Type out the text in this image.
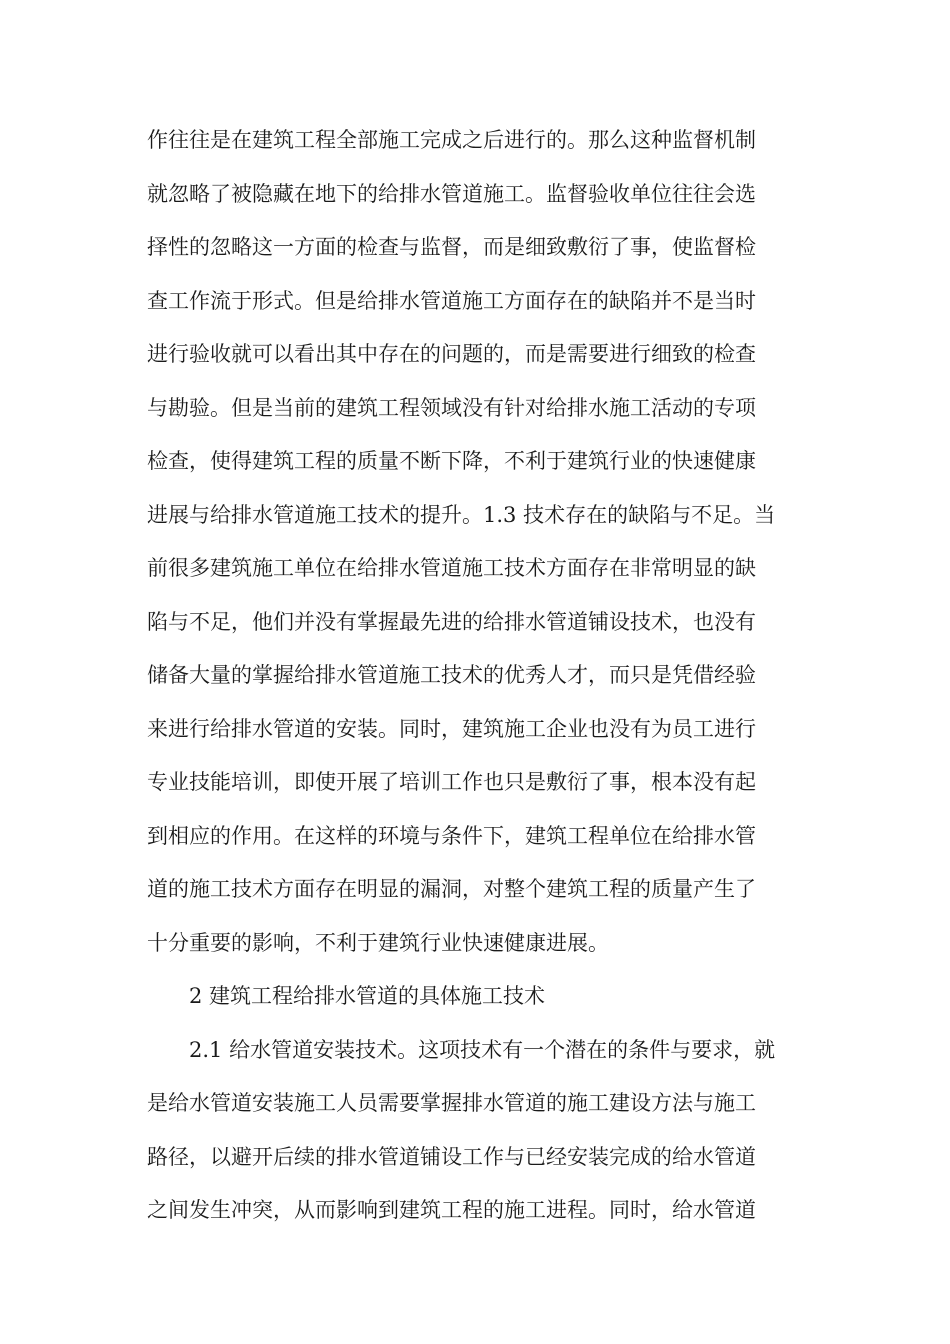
作往往是在建筑工程全部施工完成之后进行的。那么这种监督机制
就忽略了被隐藏在地下的给排水管道施工。监督验收单位往往会选
择性的忽略这一方面的检查与监督，而是细致敷衍了事，使监督检
查工作流于形式。但是给排水管道施工方面存在的缺陷并不是当时
进行验收就可以看出其中存在的问题的，而是需要进行细致的检查
与勘验。但是当前的建筑工程领域没有针对给排水施工活动的专项
检查，使得建筑工程的质量不断下降，不利于建筑行业的快速健康
进展与给排水管道施工技术的提升。1.3 技术存在的缺陷与不足。当
前很多建筑施工单位在给排水管道施工技术方面存在非常明显的缺
陷与不足，他们并没有掌握最先进的给排水管道铺设技术，也没有
储备大量的掌握给排水管道施工技术的优秀人才，而只是凭借经验
来进行给排水管道的安装。同时，建筑施工企业也没有为员工进行
专业技能培训，即使开展了培训工作也只是敷衍了事，根本没有起
到相应的作用。在这样的环境与条件下，建筑工程单位在给排水管
道的施工技术方面存在明显的漏洞，对整个建筑工程的质量产生了
十分重要的影响，不利于建筑行业快速健康进展。
2 建筑工程给排水管道的具体施工技术
2.1 给水管道安装技术。这项技术有一个潜在的条件与要求，就
是给水管道安装施工人员需要掌握排水管道的施工建设方法与施工
路径，以避开后续的排水管道铺设工作与已经安装完成的给水管道
之间发生冲突，从而影响到建筑工程的施工进程。同时，给水管道
